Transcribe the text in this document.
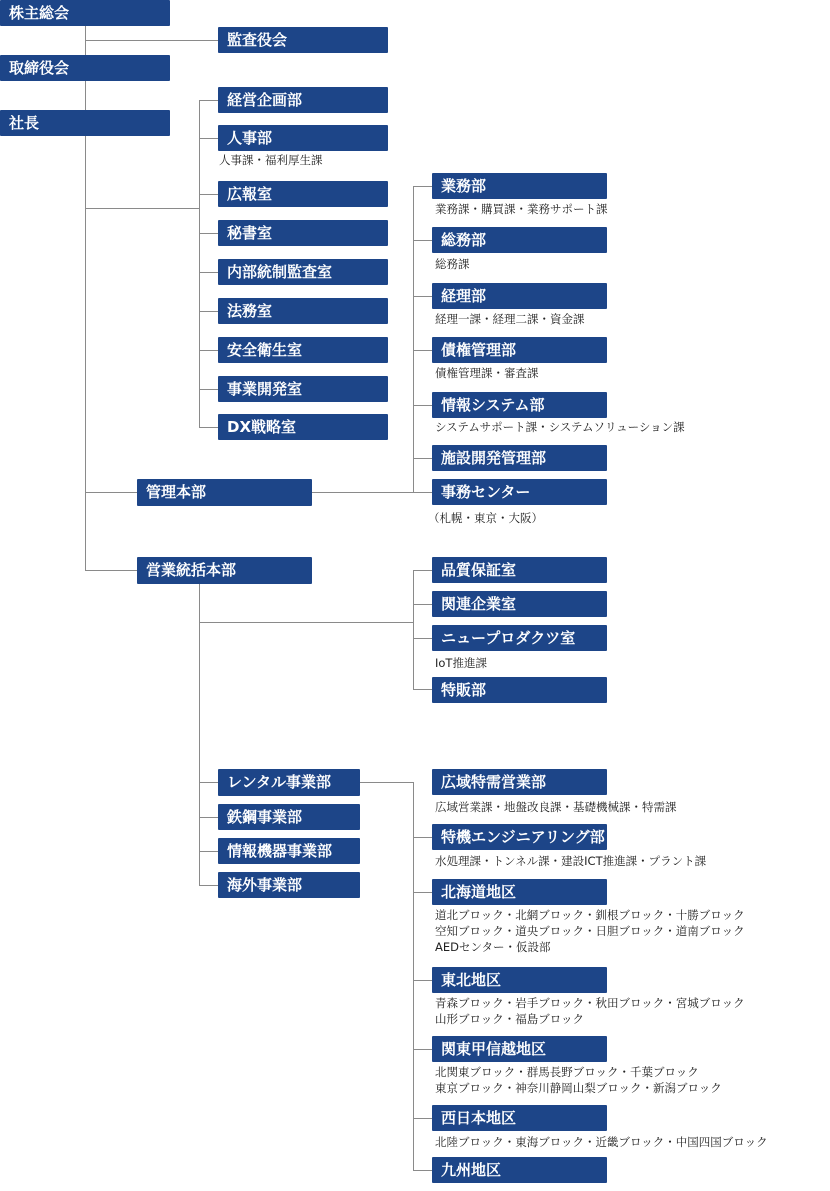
株主総会
取締役会
社長
監査役会
経営企画部
人事部
人事課・福利厚生課
広報室
秘書室
内部統制監査室
法務室
安全衛生室
事業開発室
DX戦略室
管理本部
営業統括本部
業務部
業務課・購買課・業務サポート課
総務部
総務課
経理部
経理一課・経理二課・資金課
債権管理部
債権管理課・審査課
情報システム部
システムサポート課・システムソリューション課
施設開発管理部
事務センター
（札幌・東京・大阪）
品質保証室
関連企業室
ニュープロダクツ室
IoT推進課
特販部
レンタル事業部
鉄鋼事業部
情報機器事業部
海外事業部
広域特需営業部
広域営業課・地盤改良課・基礎機械課・特需課
特機エンジニアリング部
水処理課・トンネル課・建設ICT推進課・プラント課
北海道地区
道北ブロック・北網ブロック・釧根ブロック・十勝ブロック
空知ブロック・道央ブロック・日胆ブロック・道南ブロック
AEDセンター・仮設部
東北地区
青森ブロック・岩手ブロック・秋田ブロック・宮城ブロック
山形ブロック・福島ブロック
関東甲信越地区
北関東ブロック・群馬長野ブロック・千葉ブロック
東京ブロック・神奈川静岡山梨ブロック・新潟ブロック
西日本地区
北陸ブロック・東海ブロック・近畿ブロック・中国四国ブロック
九州地区
